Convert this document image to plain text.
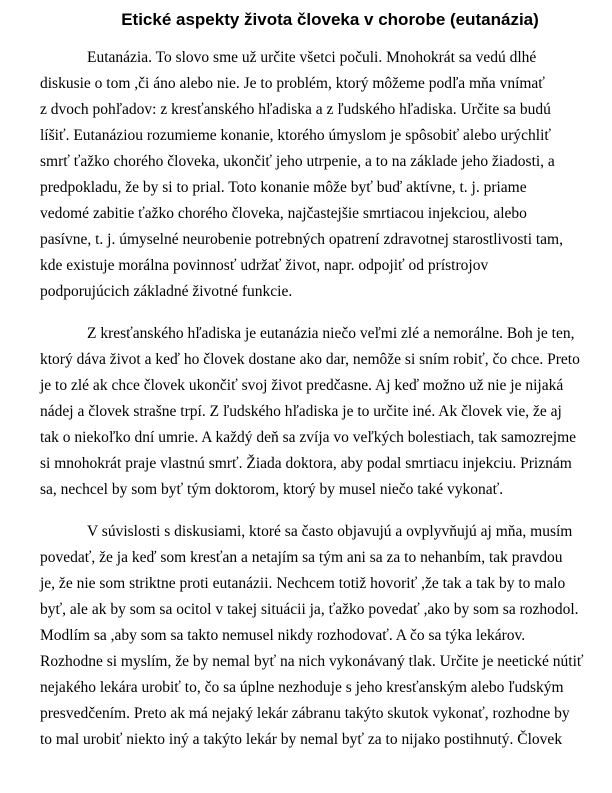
Etické aspekty života človeka v chorobe (eutanázia)
Eutanázia. To slovo sme už určite všetci počuli. Mnohokrát sa vedú dlhé
diskusie o tom ,či áno alebo nie. Je to problém, ktorý môžeme podľa mňa vnímať
z dvoch pohľadov: z kresťanského hľadiska a z ľudského hľadiska. Určite sa budú
líšiť. Eutanáziou rozumieme konanie, ktorého úmyslom je spôsobiť alebo urýchliť
smrť ťažko chorého človeka, ukončiť jeho utrpenie, a to na základe jeho žiadosti, a
predpokladu, že by si to prial. Toto konanie môže byť buď aktívne, t. j. priame
vedomé zabitie ťažko chorého človeka, najčastejšie smrtiacou injekciou, alebo
pasívne, t. j. úmyselné neurobenie potrebných opatrení zdravotnej starostlivosti tam,
kde existuje morálna povinnosť udržať život, napr. odpojiť od prístrojov
podporujúcich základné životné funkcie.
Z kresťanského hľadiska je eutanázia niečo veľmi zlé a nemorálne. Boh je ten,
ktorý dáva život a keď ho človek dostane ako dar, nemôže si sním robiť, čo chce. Preto
je to zlé ak chce človek ukončiť svoj život predčasne. Aj keď možno už nie je nijaká
nádej a človek strašne trpí. Z ľudského hľadiska je to určite iné. Ak človek vie, že aj
tak o niekoľko dní umrie. A každý deň sa zvíja vo veľkých bolestiach, tak samozrejme
si mnohokrát praje vlastnú smrť. Žiada doktora, aby podal smrtiacu injekciu. Priznám
sa, nechcel by som byť tým doktorom, ktorý by musel niečo také vykonať.
V súvislosti s diskusiami, ktoré sa často objavujú a ovplyvňujú aj mňa, musím
povedať, že ja keď som kresťan a netajím sa tým ani sa za to nehanbím, tak pravdou
je, že nie som striktne proti eutanázii. Nechcem totiž hovoriť ,že tak a tak by to malo
byť, ale ak by som sa ocitol v takej situácii ja, ťažko povedať ,ako by som sa rozhodol.
Modlím sa ,aby som sa takto nemusel nikdy rozhodovať. A čo sa týka lekárov.
Rozhodne si myslím, že by nemal byť na nich vykonávaný tlak. Určite je neetické nútiť
nejakého lekára urobiť to, čo sa úplne nezhoduje s jeho kresťanským alebo ľudským
presvedčením. Preto ak má nejaký lekár zábranu takýto skutok vykonať, rozhodne by
to mal urobiť niekto iný a takýto lekár by nemal byť za to nijako postihnutý. Človek
